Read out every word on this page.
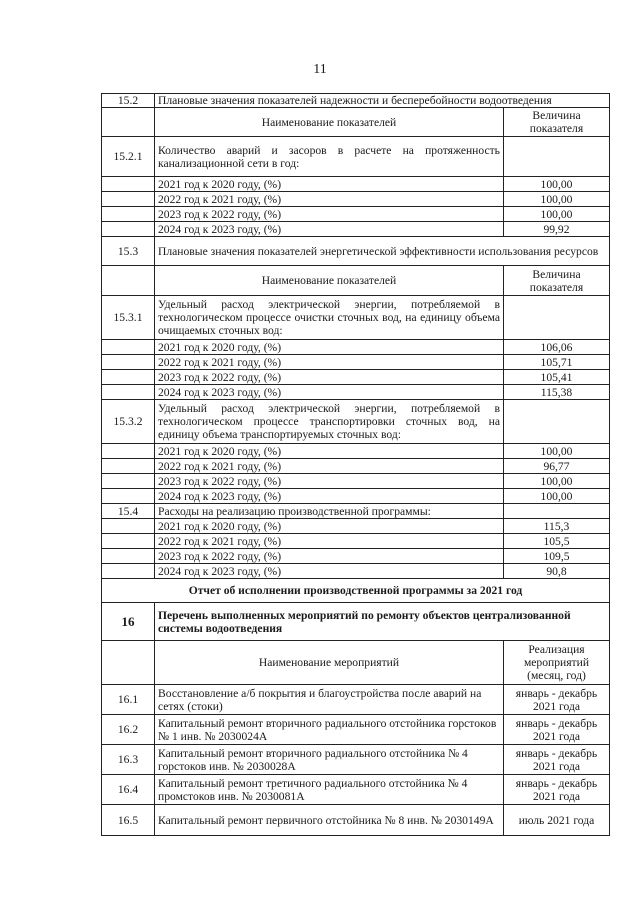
11
15.2	Плановые значения показателей надежности и бесперебойности водоотведения	
	Наименование показателей	Величина показателя
15.2.1	Количество аварий и засоров в расчете на протяженность канализационной сети в год:	
	2021 год к 2020 году, (%)	100,00
	2022 год к 2021 году, (%)	100,00
	2023 год к 2022 году, (%)	100,00
	2024 год к 2023 году, (%)	99,92
15.3	Плановые значения показателей энергетической эффективности использования ресурсов	
	Наименование показателей	Величина показателя
15.3.1	Удельный расход электрической энергии, потребляемой в технологическом процессе очистки сточных вод, на единицу объема очищаемых сточных вод:	
	2021 год к 2020 году, (%)	106,06
	2022 год к 2021 году, (%)	105,71
	2023 год к 2022 году, (%)	105,41
	2024 год к 2023 году, (%)	115,38
15.3.2	Удельный расход электрической энергии, потребляемой в технологическом процессе транспортировки сточных вод, на единицу объема транспортируемых сточных вод:	
	2021 год к 2020 году, (%)	100,00
	2022 год к 2021 году, (%)	96,77
	2023 год к 2022 году, (%)	100,00
	2024 год к 2023 году, (%)	100,00
15.4	Расходы на реализацию производственной программы:	
	2021 год к 2020 году, (%)	115,3
	2022 год к 2021 году, (%)	105,5
	2023 год к 2022 году, (%)	109,5
	2024 год к 2023 году, (%)	90,8
Отчет об исполнении производственной программы за 2021 год		
16	Перечень выполненных мероприятий по ремонту объектов централизованной системы водоотведения	
	Наименование мероприятий	Реализация мероприятий (месяц, год)
16.1	Восстановление а/б покрытия и благоустройства после аварий на сетях (стоки)	январь - декабрь 2021 года
16.2	Капитальный ремонт вторичного радиального отстойника горстоков № 1 инв. № 2030024А	январь - декабрь 2021 года
16.3	Капитальный ремонт вторичного радиального отстойника № 4 горстоков инв. № 2030028А	январь - декабрь 2021 года
16.4	Капитальный ремонт третичного радиального отстойника № 4 промстоков инв. № 2030081А	январь - декабрь 2021 года
16.5	Капитальный ремонт первичного отстойника № 8 инв. № 2030149А	июль 2021 года
